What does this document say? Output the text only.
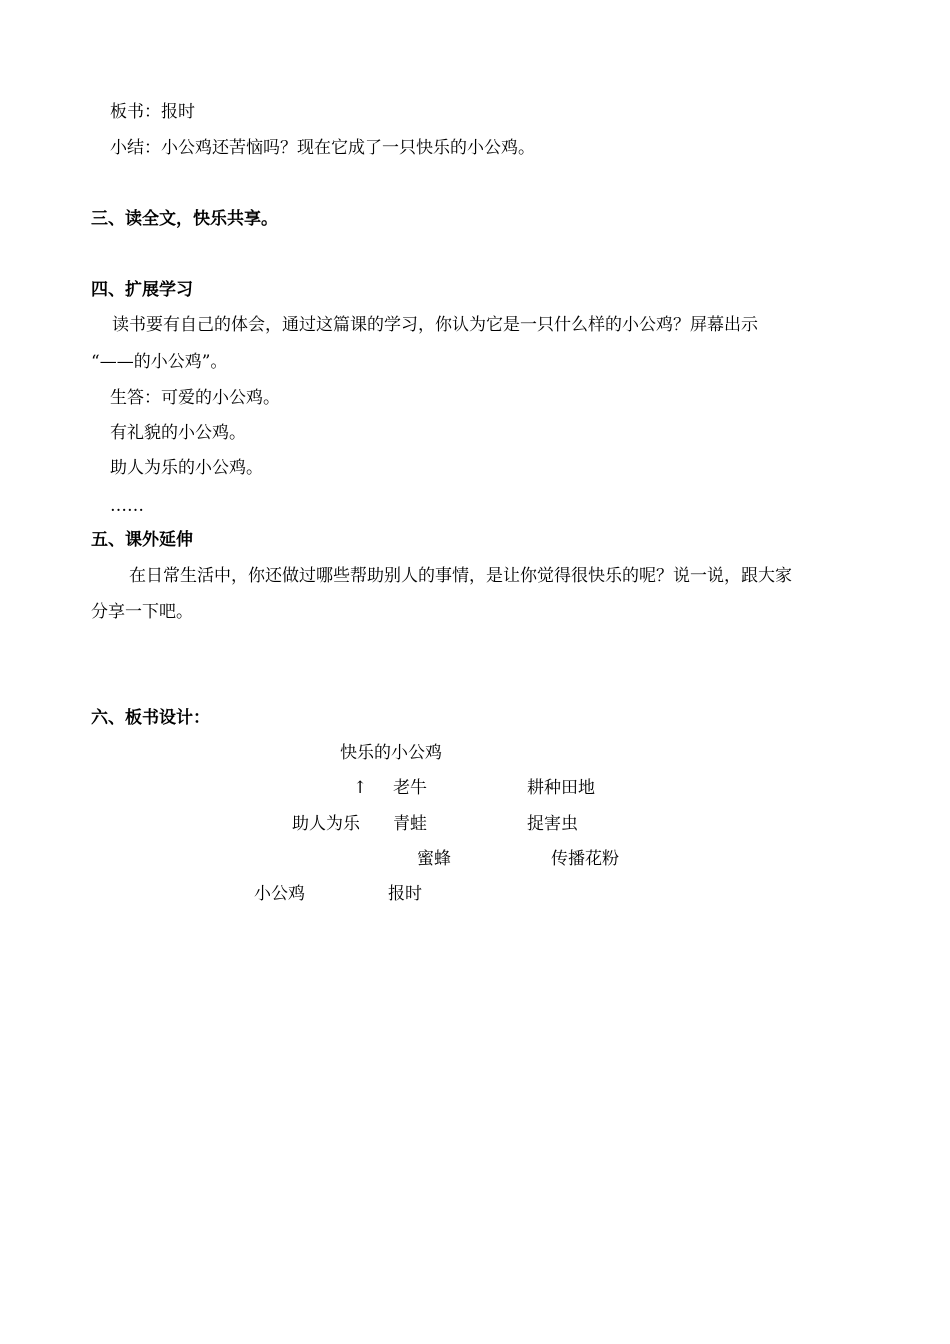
板书：报时
小结：小公鸡还苦恼吗？现在它成了一只快乐的小公鸡。
三、读全文，快乐共享。
四、扩展学习
读书要有自己的体会，通过这篇课的学习，你认为它是一只什么样的小公鸡？屏幕出示
“——的小公鸡”。
生答：可爱的小公鸡。
有礼貌的小公鸡。
助人为乐的小公鸡。
……
五、课外延伸
在日常生活中，你还做过哪些帮助别人的事情，是让你觉得很快乐的呢？说一说，跟大家
分享一下吧。
六、板书设计：
快乐的小公鸡
↑ 老牛	耕种田地
助人为乐 青蛙	捉害虫
蜜蜂	传播花粉
小公鸡	报时
